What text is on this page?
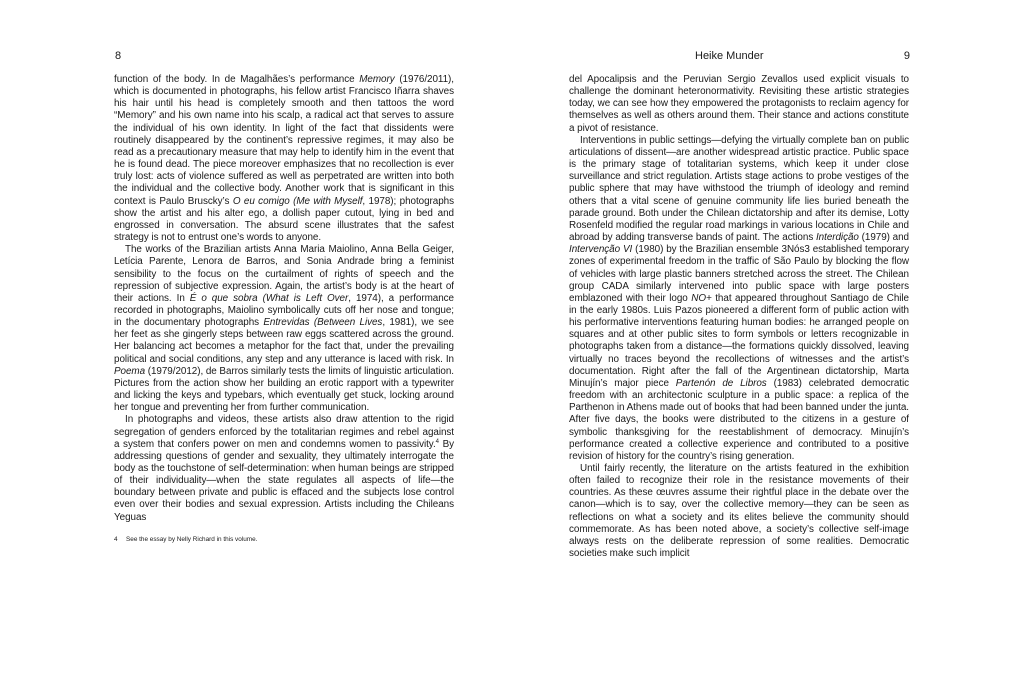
8

function of the body. In de Magalhães’s performance Memory (1976/2011), which is documented in photographs, his fellow artist Francisco Iñarra shaves his hair until his head is completely smooth and then tattoos the word “Memory” and his own name into his scalp, a radical act that serves to assure the individual of his own identity. In light of the fact that dissidents were routinely disappeared by the continent’s repressive regimes, it may also be read as a precautionary measure that may help to identify him in the event that he is found dead. The piece moreover emphasizes that no recollection is ever truly lost: acts of violence suffered as well as perpetrated are written into both the individual and the collective body. Another work that is significant in this context is Paulo Bruscky’s O eu comigo (Me with Myself, 1978); photographs show the artist and his alter ego, a dollish paper cutout, lying in bed and engrossed in conversation. The absurd scene illustrates that the safest strategy is not to entrust one’s words to anyone.

The works of the Brazilian artists Anna Maria Maiolino, Anna Bella Geiger, Letícia Parente, Lenora de Barros, and Sonia Andrade bring a feminist sensibility to the focus on the curtailment of rights of speech and the repression of subjective expression. Again, the artist’s body is at the heart of their actions. In É o que sobra (What is Left Over, 1974), a performance recorded in photographs, Maiolino symbolically cuts off her nose and tongue; in the documentary photographs Entrevidas (Between Lives, 1981), we see her feet as she gingerly steps between raw eggs scattered across the ground. Her balancing act becomes a metaphor for the fact that, under the prevailing political and social conditions, any step and any utterance is laced with risk. In Poema (1979/2012), de Barros similarly tests the limits of linguistic articulation. Pictures from the action show her building an erotic rapport with a typewriter and licking the keys and typebars, which eventually get stuck, locking around her tongue and preventing her from further communication.

In photographs and videos, these artists also draw attention to the rigid segregation of genders enforced by the totalitarian regimes and rebel against a system that confers power on men and condemns women to passivity.$^4$ By addressing questions of gender and sexuality, they ultimately interrogate the body as the touchstone of self-determination: when human beings are stripped of their individuality—when the state regulates all aspects of life—the boundary between private and public is effaced and the subjects lose control even over their bodies and sexual expression. Artists including the Chileans Yeguas

4 See the essay by Nelly Richard in this volume.
Heike Munder	9

del Apocalipsis and the Peruvian Sergio Zevallos used explicit visuals to challenge the dominant heteronormativity. Revisiting these artistic strategies today, we can see how they empowered the protagonists to reclaim agency for themselves as well as others around them. Their stance and actions constitute a pivot of resistance.

Interventions in public settings—defying the virtually complete ban on public articulations of dissent—are another widespread artistic practice. Public space is the primary stage of totalitarian systems, which keep it under close surveillance and strict regulation. Artists stage actions to probe vestiges of the public sphere that may have withstood the triumph of ideology and remind others that a vital scene of genuine community life lies buried beneath the parade ground. Both under the Chilean dictatorship and after its demise, Lotty Rosenfeld modified the regular road markings in various locations in Chile and abroad by adding transverse bands of paint. The actions Interdição (1979) and Intervenção VI (1980) by the Brazilian ensemble 3Nós3 established temporary zones of experimental freedom in the traffic of São Paulo by blocking the flow of vehicles with large plastic banners stretched across the street. The Chilean group CADA similarly intervened into public space with large posters emblazoned with their logo NO+ that appeared throughout Santiago de Chile in the early 1980s. Luis Pazos pioneered a different form of public action with his performative interventions featuring human bodies: he arranged people on squares and at other public sites to form symbols or letters recognizable in photographs taken from a distance—the formations quickly dissolved, leaving virtually no traces beyond the recollections of witnesses and the artist’s documentation. Right after the fall of the Argentinean dictatorship, Marta Minujín’s major piece Partenón de Libros (1983) celebrated democratic freedom with an architectonic sculpture in a public space: a replica of the Parthenon in Athens made out of books that had been banned under the junta. After five days, the books were distributed to the citizens in a gesture of symbolic thanksgiving for the reestablishment of democracy. Minujín’s performance created a collective experience and contributed to a positive revision of history for the country’s rising generation.

Until fairly recently, the literature on the artists featured in the exhibition often failed to recognize their role in the resistance movements of their countries. As these œuvres assume their rightful place in the debate over the canon—which is to say, over the collective memory—they can be seen as reflections on what a society and its elites believe the community should commemorate. As has been noted above, a society’s collective self-image always rests on the deliberate repression of some realities. Democratic societies make such implicit
